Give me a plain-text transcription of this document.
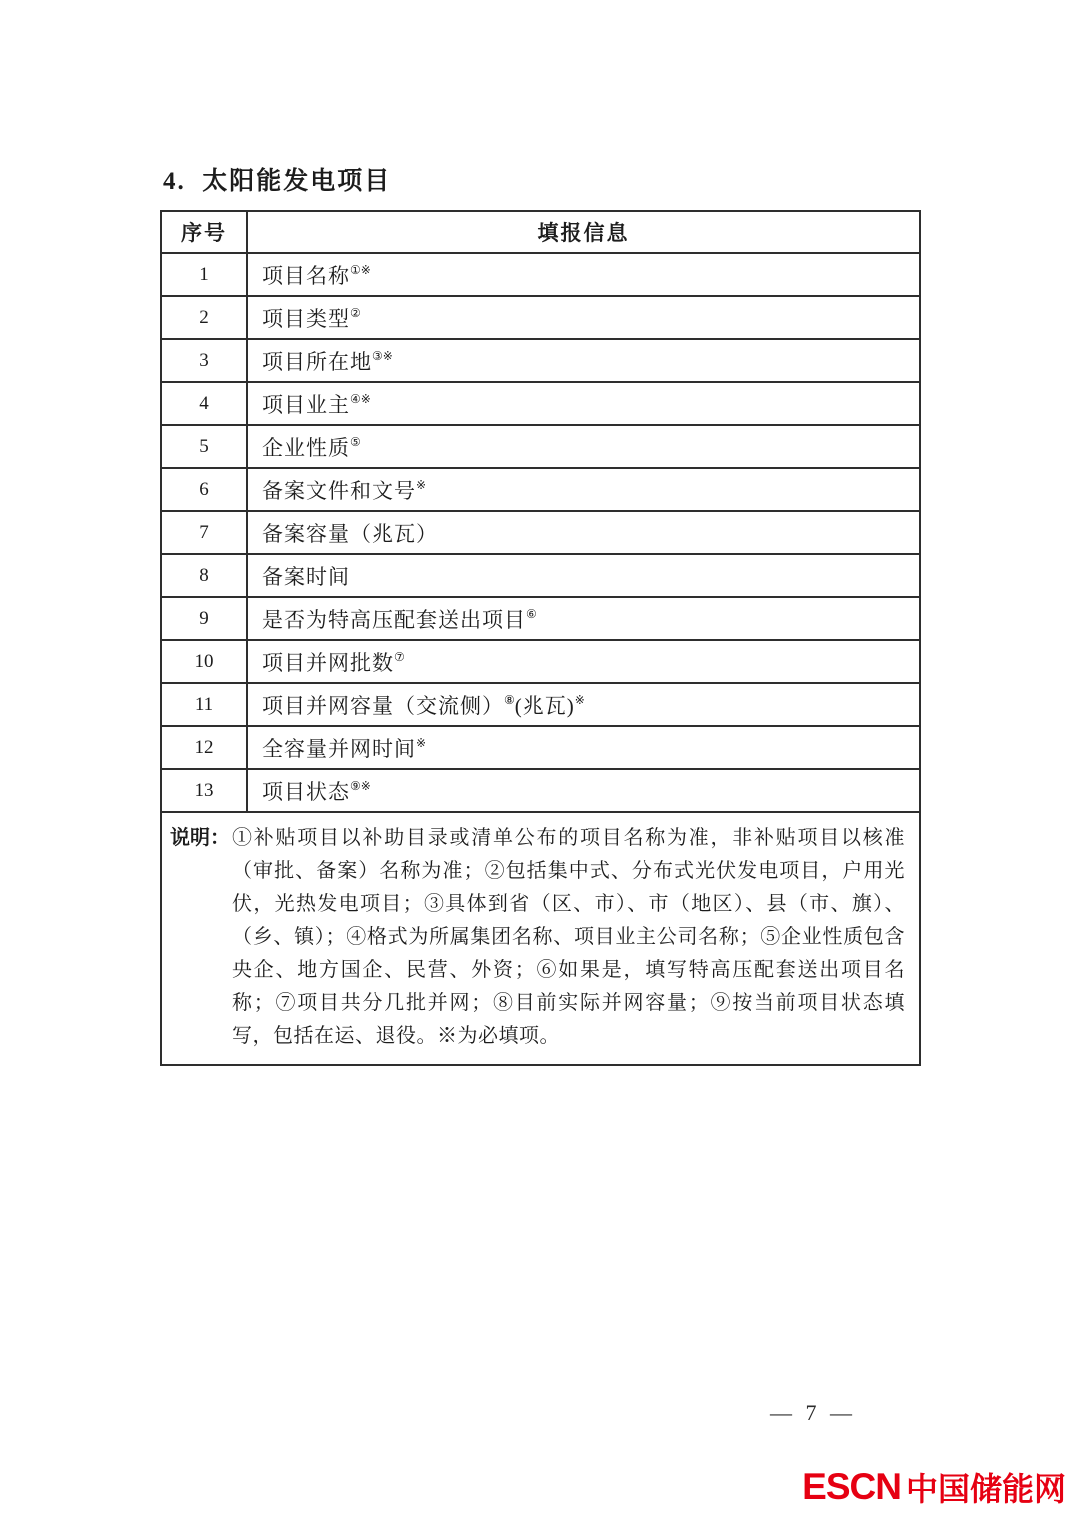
4.  太阳能发电项目
序号	填报信息
1	项目名称①※
2	项目类型②
3	项目所在地③※
4	项目业主④※
5	企业性质⑤
6	备案文件和文号※
7	备案容量（兆瓦）
8	备案时间
9	是否为特高压配套送出项目⑥
10	项目并网批数⑦
11	项目并网容量（交流侧）⑧(兆瓦)※
12	全容量并网时间※
13	项目状态⑨※

说明： ①补贴项目以补助目录或清单公布的项目名称为准，非补贴项目以核准（审批、备案）名称为准；②包括集中式、分布式光伏发电项目，户用光伏，光热发电项目；③具体到省（区、市）、市（地区）、县（市、旗）、（乡、镇）；④格式为所属集团名称、项目业主公司名称；⑤企业性质包含央企、地方国企、民营、外资；⑥如果是，填写特高压配套送出项目名称；⑦项目共分几批并网；⑧目前实际并网容量；⑨按当前项目状态填写，包括在运、退役。※为必填项。	
— 7 —
ESCN 中国储能网
